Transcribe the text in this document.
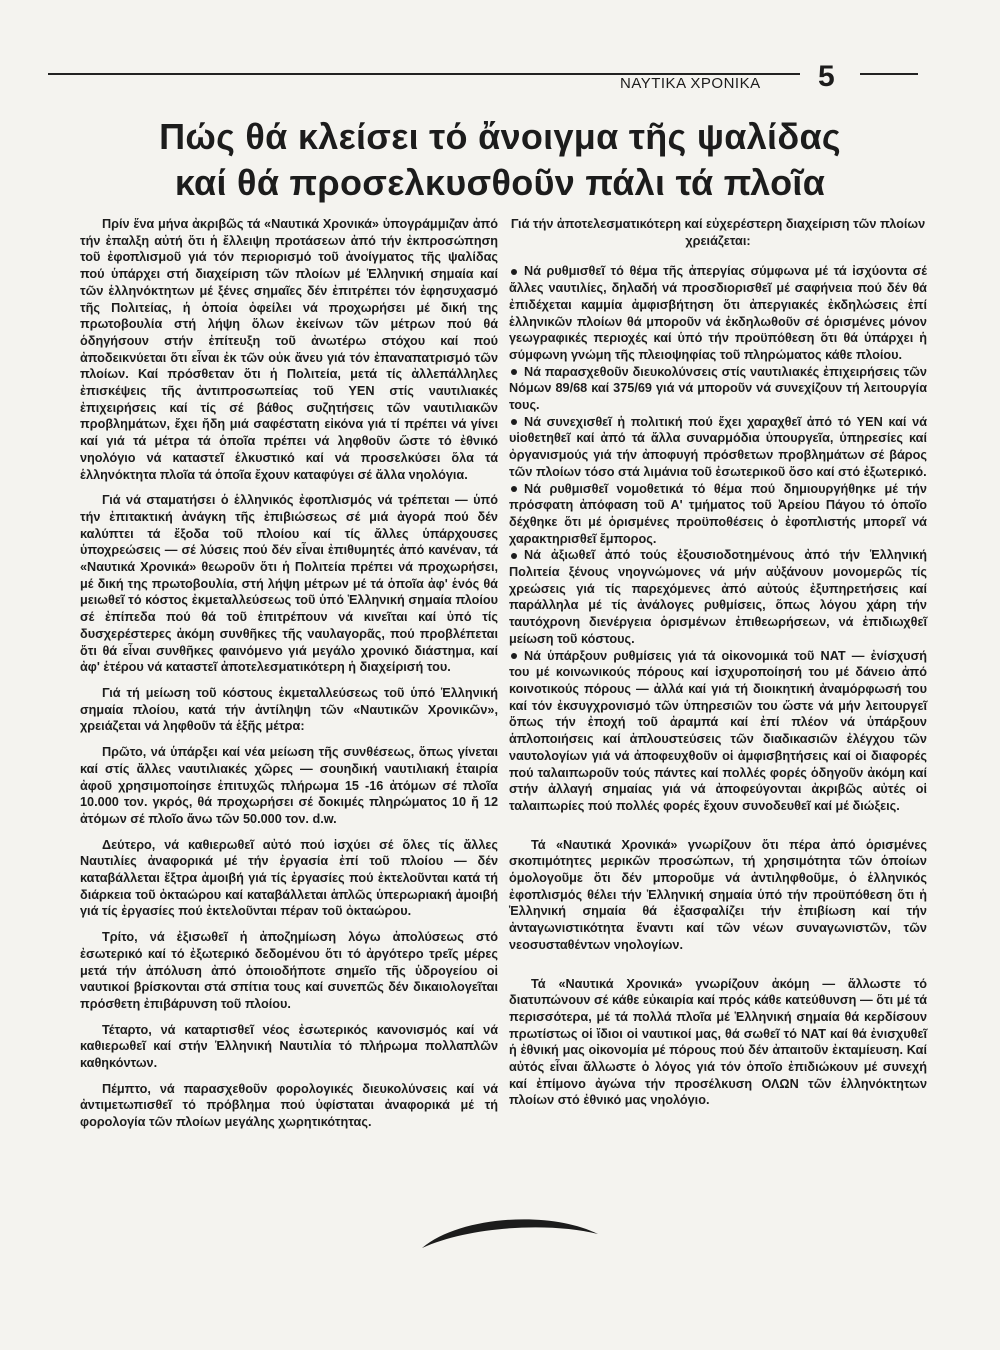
ΝΑΥΤΙΚΑ ΧΡΟΝΙΚΑ 5
Πώς θά κλείσει τό ἄνοιγμα τῆς ψαλίδας
καί θά προσελκυσθοῦν πάλι τά πλοῖα

Πρίν ἕνα μήνα ἀκριβῶς τά «Ναυτικά Χρονικά» ὑπογράμμιζαν ἀπό τήν ἐπαλξη αὐτή ὅτι ἡ ἔλλειψη προτάσεων ἀπό τήν ἐκπροσώπηση τοῦ ἐφοπλισμοῦ γιά τόν περιορισμό τοῦ ἀνοίγματος τῆς ψαλίδας πού ὑπάρχει στή διαχείριση τῶν πλοίων μέ Ἑλληνική σημαία καί τῶν ἑλληνόκτητων μέ ξένες σημαῖες δέν ἐπιτρέπει τόν ἐφησυχασμό τῆς Πολιτείας, ἡ ὁποία ὀφείλει νά προχωρήσει μέ δική της πρωτοβουλία στή λήψη ὅλων ἐκείνων τῶν μέτρων πού θά ὁδηγήσουν στήν ἐπίτευξη τοῦ ἀνωτέρω στόχου καί πού ἀποδεικνύεται ὅτι εἶναι ἐκ τῶν οὐκ ἄνευ γιά τόν ἐπαναπατρισμό τῶν πλοίων. Καί πρόσθεταν ὅτι ἡ Πολιτεία, μετά τίς ἀλλεπάλληλες ἐπισκέψεις τῆς ἀντιπροσωπείας τοῦ ΥΕΝ στίς ναυτιλιακές ἐπιχειρήσεις καί τίς σέ βάθος συζητήσεις τῶν ναυτιλιακῶν προβλημάτων, ἔχει ἤδη μιά σαφέστατη εἰκόνα γιά τί πρέπει νά γίνει καί γιά τά μέτρα τά ὁποῖα πρέπει νά ληφθοῦν ὥστε τό ἐθνικό νηολόγιο νά καταστεῖ ἑλκυστικό καί νά προσελκύσει ὅλα τά ἑλληνόκτητα πλοῖα τά ὁποῖα ἔχουν καταφύγει σέ ἄλλα νηολόγια.

Γιά νά σταματήσει ὁ ἑλληνικός ἐφοπλισμός νά τρέπεται — ὑπό τήν ἐπιτακτική ἀνάγκη τῆς ἐπιβιώσεως σέ μιά ἀγορά πού δέν καλύπτει τά ἔξοδα τοῦ πλοίου καί τίς ἄλλες ὑπάρχουσες ὑποχρεώσεις — σέ λύσεις πού δέν εἶναι ἐπιθυμητές ἀπό κανέναν, τά «Ναυτικά Χρονικά» θεωροῦν ὅτι ἡ Πολιτεία πρέπει νά προχωρήσει, μέ δική της πρωτοβουλία, στή λήψη μέτρων μέ τά ὁποῖα ἀφ' ἑνός θά μειωθεῖ τό κόστος ἐκμεταλλεύσεως τοῦ ὑπό Ἑλληνική σημαία πλοίου σέ ἐπίπεδα πού θά τοῦ ἐπιτρέπουν νά κινεῖται καί ὑπό τίς δυσχερέστερες ἀκόμη συνθῆκες τῆς ναυλαγορᾶς, πού προβλέπεται ὅτι θά εἶναι συνθῆκες φαινόμενο γιά μεγάλο χρονικό διάστημα, καί ἀφ' ἑτέρου νά καταστεῖ ἀποτελεσματικότερη ἡ διαχείρισή του.

Γιά τή μείωση τοῦ κόστους ἐκμεταλλεύσεως τοῦ ὑπό Ἑλληνική σημαία πλοίου, κατά τήν ἀντίληψη τῶν «Ναυτικῶν Χρονικῶν», χρειάζεται νά ληφθοῦν τά ἑξῆς μέτρα:

Πρῶτο, νά ὑπάρξει καί νέα μείωση τῆς συνθέσεως, ὅπως γίνεται καί στίς ἄλλες ναυτιλιακές χῶρες — σουηδική ναυτιλιακή ἑταιρία ἀφοῦ χρησιμοποίησε ἐπιτυχῶς πλήρωμα 15 -16 ἀτόμων σέ πλοῖα 10.000 τον. γκρός, θά προχωρήσει σέ δοκιμές πληρώματος 10 ἤ 12 ἀτόμων σέ πλοῖο ἄνω τῶν 50.000 τον. d.w.

Δεύτερο, νά καθιερωθεῖ αὐτό πού ἰσχύει σέ ὅλες τίς ἄλλες Ναυτιλίες ἀναφορικά μέ τήν ἐργασία ἐπί τοῦ πλοίου — δέν καταβάλλεται ἔξτρα ἀμοιβή γιά τίς ἐργασίες πού ἐκτελοῦνται κατά τή διάρκεια τοῦ ὀκταώρου καί καταβάλλεται ἁπλῶς ὑπερωριακή ἀμοιβή γιά τίς ἐργασίες πού ἐκτελοῦνται πέραν τοῦ ὀκταώρου.

Τρίτο, νά ἐξισωθεῖ ἡ ἀποζημίωση λόγω ἀπολύσεως στό ἐσωτερικό καί τό ἐξωτερικό δεδομένου ὅτι τό ἀργότερο τρεῖς μέρες μετά τήν ἀπόλυση ἀπό ὁποιοδήποτε σημεῖο τῆς ὑδρογείου οἱ ναυτικοί βρίσκονται στά σπίτια τους καί συνεπῶς δέν δικαιολογεῖται πρόσθετη ἐπιβάρυνση τοῦ πλοίου.

Τέταρτο, νά καταρτισθεῖ νέος ἐσωτερικός κανονισμός καί νά καθιερωθεῖ καί στήν Ἑλληνική Ναυτιλία τό πλήρωμα πολλαπλῶν καθηκόντων.

Πέμπτο, νά παρασχεθοῦν φορολογικές διευκολύνσεις καί νά ἀντιμετωπισθεῖ τό πρόβλημα πού ὑφίσταται ἀναφορικά μέ τή φορολογία τῶν πλοίων μεγάλης χωρητικότητας.

Γιά τήν ἀποτελεσματικότερη καί εὐχερέστερη διαχείριση τῶν πλοίων χρειάζεται:

Νά ρυθμισθεῖ τό θέμα τῆς ἀπεργίας σύμφωνα μέ τά ἰσχύοντα σέ ἄλλες ναυτιλίες, δηλαδή νά προσδιορισθεῖ μέ σαφήνεια πού δέν θά ἐπιδέχεται καμμία ἀμφισβήτηση ὅτι ἀπεργιακές ἐκδηλώσεις ἐπί ἑλληνικῶν πλοίων θά μποροῦν νά ἐκδηλωθοῦν σέ ὁρισμένες μόνον γεωγραφικές περιοχές καί ὑπό τήν προϋπόθεση ὅτι θά ὑπάρχει ἡ σύμφωνη γνώμη τῆς πλειοψηφίας τοῦ πληρώματος κάθε πλοίου.
Νά παρασχεθοῦν διευκολύνσεις στίς ναυτιλιακές ἐπιχειρήσεις τῶν Νόμων 89/68 καί 375/69 γιά νά μποροῦν νά συνεχίζουν τή λειτουργία τους.
Νά συνεχισθεῖ ἡ πολιτική πού ἔχει χαραχθεῖ ἀπό τό ΥΕΝ καί νά υἱοθετηθεῖ καί ἀπό τά ἄλλα συναρμόδια ὑπουργεῖα, ὑπηρεσίες καί ὀργανισμούς γιά τήν ἀποφυγή πρόσθετων προβλημάτων σέ βάρος τῶν πλοίων τόσο στά λιμάνια τοῦ ἐσωτερικοῦ ὅσο καί στό ἐξωτερικό.
Νά ρυθμισθεῖ νομοθετικά τό θέμα πού δημιουργήθηκε μέ τήν πρόσφατη ἀπόφαση τοῦ Α' τμήματος τοῦ Ἀρείου Πάγου τό ὁποῖο δέχθηκε ὅτι μέ ὁρισμένες προϋποθέσεις ὁ ἐφοπλιστής μπορεῖ νά χαρακτηρισθεῖ ἔμπορος.
Νά ἀξιωθεῖ ἀπό τούς ἐξουσιοδοτημένους ἀπό τήν Ἑλληνική Πολιτεία ξένους νηογνώμονες νά μήν αὐξάνουν μονομερῶς τίς χρεώσεις γιά τίς παρεχόμενες ἀπό αὐτούς ἐξυπηρετήσεις καί παράλληλα μέ τίς ἀνάλογες ρυθμίσεις, ὅπως λόγου χάρη τήν ταυτόχρονη διενέργεια ὁρισμένων ἐπιθεωρήσεων, νά ἐπιδιωχθεῖ μείωση τοῦ κόστους.
Νά ὑπάρξουν ρυθμίσεις γιά τά οἰκονομικά τοῦ ΝΑΤ — ἐνίσχυσή του μέ κοινωνικούς πόρους καί ἰσχυροποίησή του μέ δάνειο ἀπό κοινοτικούς πόρους — ἀλλά καί γιά τή διοικητική ἀναμόρφωσή του καί τόν ἐκσυγχρονισμό τῶν ὑπηρεσιῶν του ὥστε νά μήν λειτουργεῖ ὅπως τήν ἐποχή τοῦ ἀραμπά καί ἐπί πλέον νά ὑπάρξουν ἁπλοποιήσεις καί ἀπλουστεύσεις τῶν διαδικασιῶν ἐλέγχου τῶν ναυτολογίων γιά νά ἀποφευχθοῦν οἱ ἀμφισβητήσεις καί οἱ διαφορές πού ταλαιπωροῦν τούς πάντες καί πολλές φορές ὁδηγοῦν ἀκόμη καί στήν ἀλλαγή σημαίας γιά νά ἀποφεύγονται ἀκριβῶς αὐτές οἱ ταλαιπωρίες πού πολλές φορές ἔχουν συνοδευθεῖ καί μέ διώξεις.

Τά «Ναυτικά Χρονικά» γνωρίζουν ὅτι πέρα ἀπό ὁρισμένες σκοπιμότητες μερικῶν προσώπων, τή χρησιμότητα τῶν ὁποίων ὁμολογοῦμε ὅτι δέν μποροῦμε νά ἀντιληφθοῦμε, ὁ ἑλληνικός ἐφοπλισμός θέλει τήν Ἑλληνική σημαία ὑπό τήν προϋπόθεση ὅτι ἡ Ἑλληνική σημαία θά ἐξασφαλίζει τήν ἐπιβίωση καί τήν ἀνταγωνιστικότητα ἔναντι καί τῶν νέων συναγωνιστῶν, τῶν νεοσυσταθέντων νηολογίων.

Τά «Ναυτικά Χρονικά» γνωρίζουν ἀκόμη — ἄλλωστε τό διατυπώνουν σέ κάθε εὐκαιρία καί πρός κάθε κατεύθυνση — ὅτι μέ τά περισσότερα, μέ τά πολλά πλοῖα μέ Ἑλληνική σημαία θά κερδίσουν πρωτίστως οἱ ἴδιοι οἱ ναυτικοί μας, θά σωθεῖ τό ΝΑΤ καί θά ἐνισχυθεῖ ἡ ἐθνική μας οἰκονομία μέ πόρους πού δέν ἀπαιτοῦν ἐκταμίευση. Καί αὐτός εἶναι ἄλλωστε ὁ λόγος γιά τόν ὁποῖο ἐπιδιώκουν μέ συνεχή καί ἐπίμονο ἀγώνα τήν προσέλκυση ΟΛΩΝ τῶν ἑλληνόκτητων πλοίων στό ἐθνικό μας νηολόγιο.
